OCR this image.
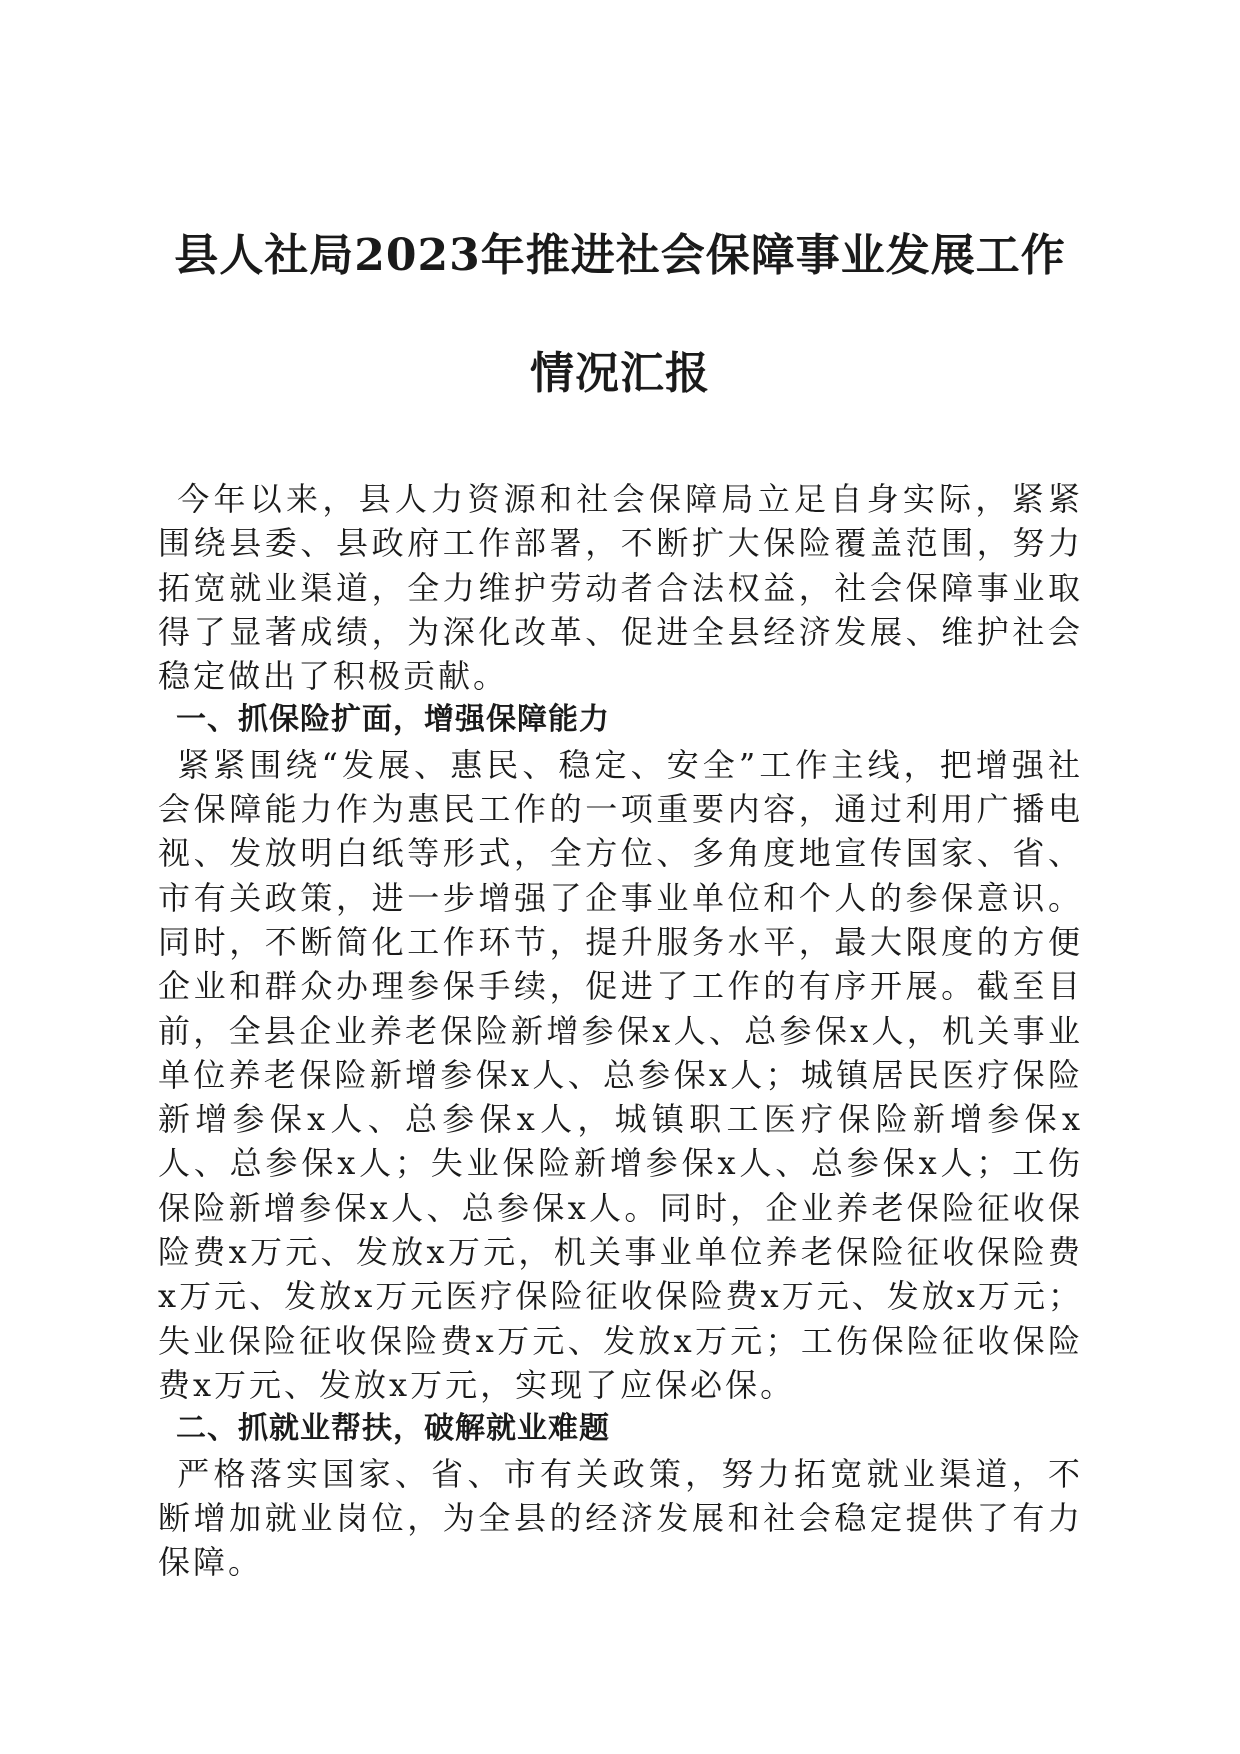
县人社局2023年推进社会保障事业发展工作
情况汇报

今年以来，县人力资源和社会保障局立足自身实际，紧紧围绕县委、县政府工作部署，不断扩大保险覆盖范围，努力拓宽就业渠道，全力维护劳动者合法权益，社会保障事业取得了显著成绩，为深化改革、促进全县经济发展、维护社会稳定做出了积极贡献。

一、抓保险扩面，增强保障能力

紧紧围绕“发展、惠民、稳定、安全”工作主线，把增强社会保障能力作为惠民工作的一项重要内容，通过利用广播电视、发放明白纸等形式，全方位、多角度地宣传国家、省、市有关政策，进一步增强了企事业单位和个人的参保意识。同时，不断简化工作环节，提升服务水平，最大限度的方便企业和群众办理参保手续，促进了工作的有序开展。截至目前，全县企业养老保险新增参保x人、总参保x人，机关事业单位养老保险新增参保x人、总参保x人；城镇居民医疗保险新增参保x人、总参保x人，城镇职工医疗保险新增参保x人、总参保x人；失业保险新增参保x人、总参保x人；工伤保险新增参保x人、总参保x人。同时，企业养老保险征收保险费x万元、发放x万元，机关事业单位养老保险征收保险费x万元、发放x万元医疗保险征收保险费x万元、发放x万元；失业保险征收保险费x万元、发放x万元；工伤保险征收保险费x万元、发放x万元，实现了应保必保。

二、抓就业帮扶，破解就业难题

严格落实国家、省、市有关政策，努力拓宽就业渠道，不断增加就业岗位，为全县的经济发展和社会稳定提供了有力保障。
